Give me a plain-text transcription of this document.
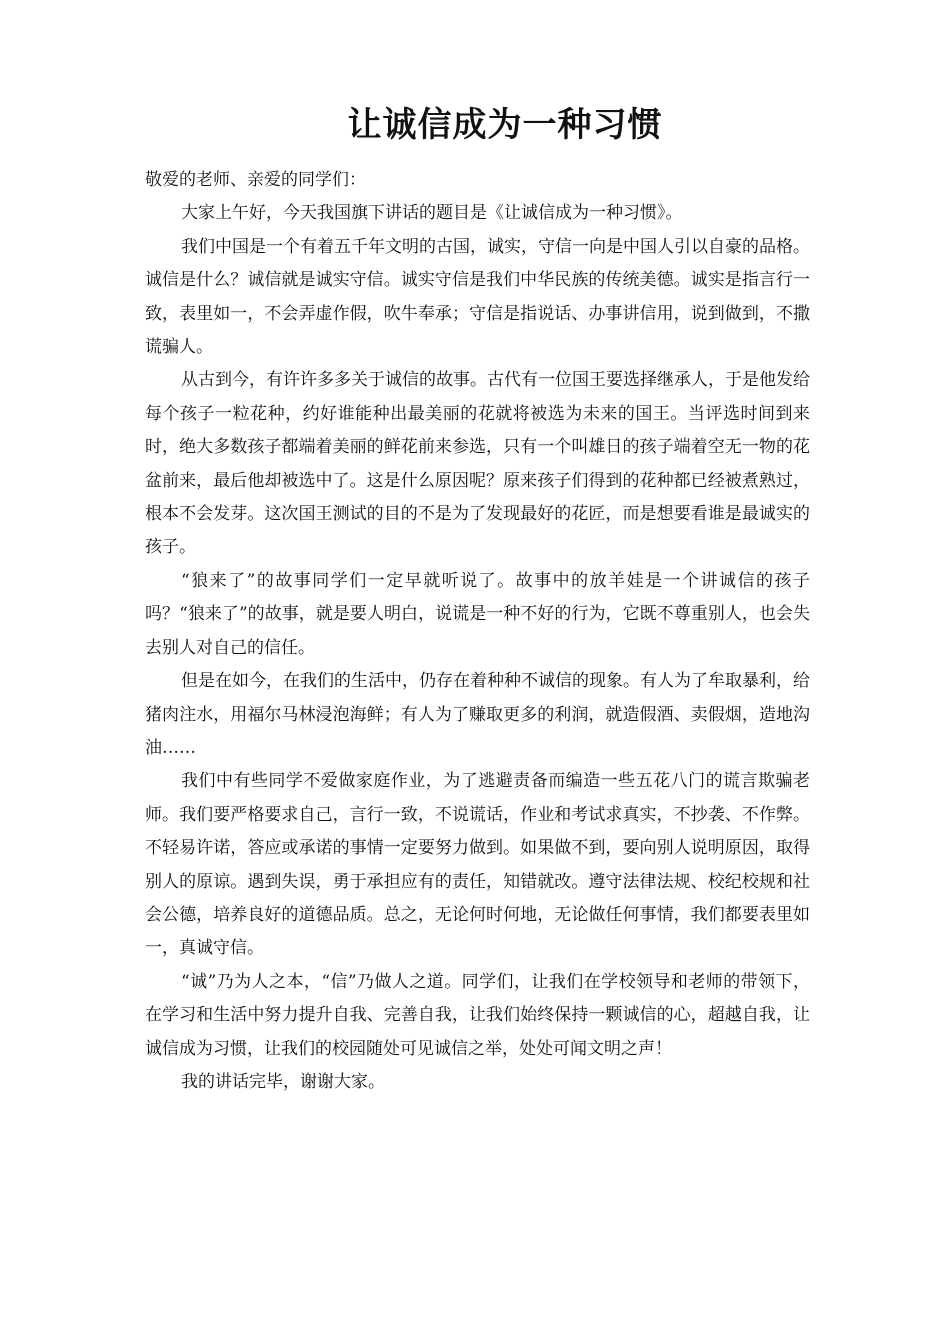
让诚信成为一种习惯

敬爱的老师、亲爱的同学们：

大家上午好，今天我国旗下讲话的题目是《让诚信成为一种习惯》。

我们中国是一个有着五千年文明的古国，诚实，守信一向是中国人引以自豪的品格。诚信是什么？诚信就是诚实守信。诚实守信是我们中华民族的传统美德。诚实是指言行一致，表里如一，不会弄虚作假，吹牛奉承；守信是指说话、办事讲信用，说到做到，不撒谎骗人。

从古到今，有许许多多关于诚信的故事。古代有一位国王要选择继承人，于是他发给每个孩子一粒花种，约好谁能种出最美丽的花就将被选为未来的国王。当评选时间到来时，绝大多数孩子都端着美丽的鲜花前来参选，只有一个叫雄日的孩子端着空无一物的花盆前来，最后他却被选中了。这是什么原因呢？原来孩子们得到的花种都已经被煮熟过，根本不会发芽。这次国王测试的目的不是为了发现最好的花匠，而是想要看谁是最诚实的孩子。

“狼来了”的故事同学们一定早就听说了。故事中的放羊娃是一个讲诚信的孩子吗？“狼来了”的故事，就是要人明白，说谎是一种不好的行为，它既不尊重别人，也会失去别人对自己的信任。

但是在如今，在我们的生活中，仍存在着种种不诚信的现象。有人为了牟取暴利，给猪肉注水，用福尔马林浸泡海鲜；有人为了赚取更多的利润，就造假酒、卖假烟，造地沟油……

我们中有些同学不爱做家庭作业，为了逃避责备而编造一些五花八门的谎言欺骗老师。我们要严格要求自己，言行一致，不说谎话，作业和考试求真实，不抄袭、不作弊。不轻易许诺，答应或承诺的事情一定要努力做到。如果做不到，要向别人说明原因，取得别人的原谅。遇到失误，勇于承担应有的责任，知错就改。遵守法律法规、校纪校规和社会公德，培养良好的道德品质。总之，无论何时何地，无论做任何事情，我们都要表里如一，真诚守信。

“诚”乃为人之本，“信”乃做人之道。同学们，让我们在学校领导和老师的带领下，在学习和生活中努力提升自我、完善自我，让我们始终保持一颗诚信的心，超越自我，让诚信成为习惯，让我们的校园随处可见诚信之举，处处可闻文明之声！

我的讲话完毕，谢谢大家。
